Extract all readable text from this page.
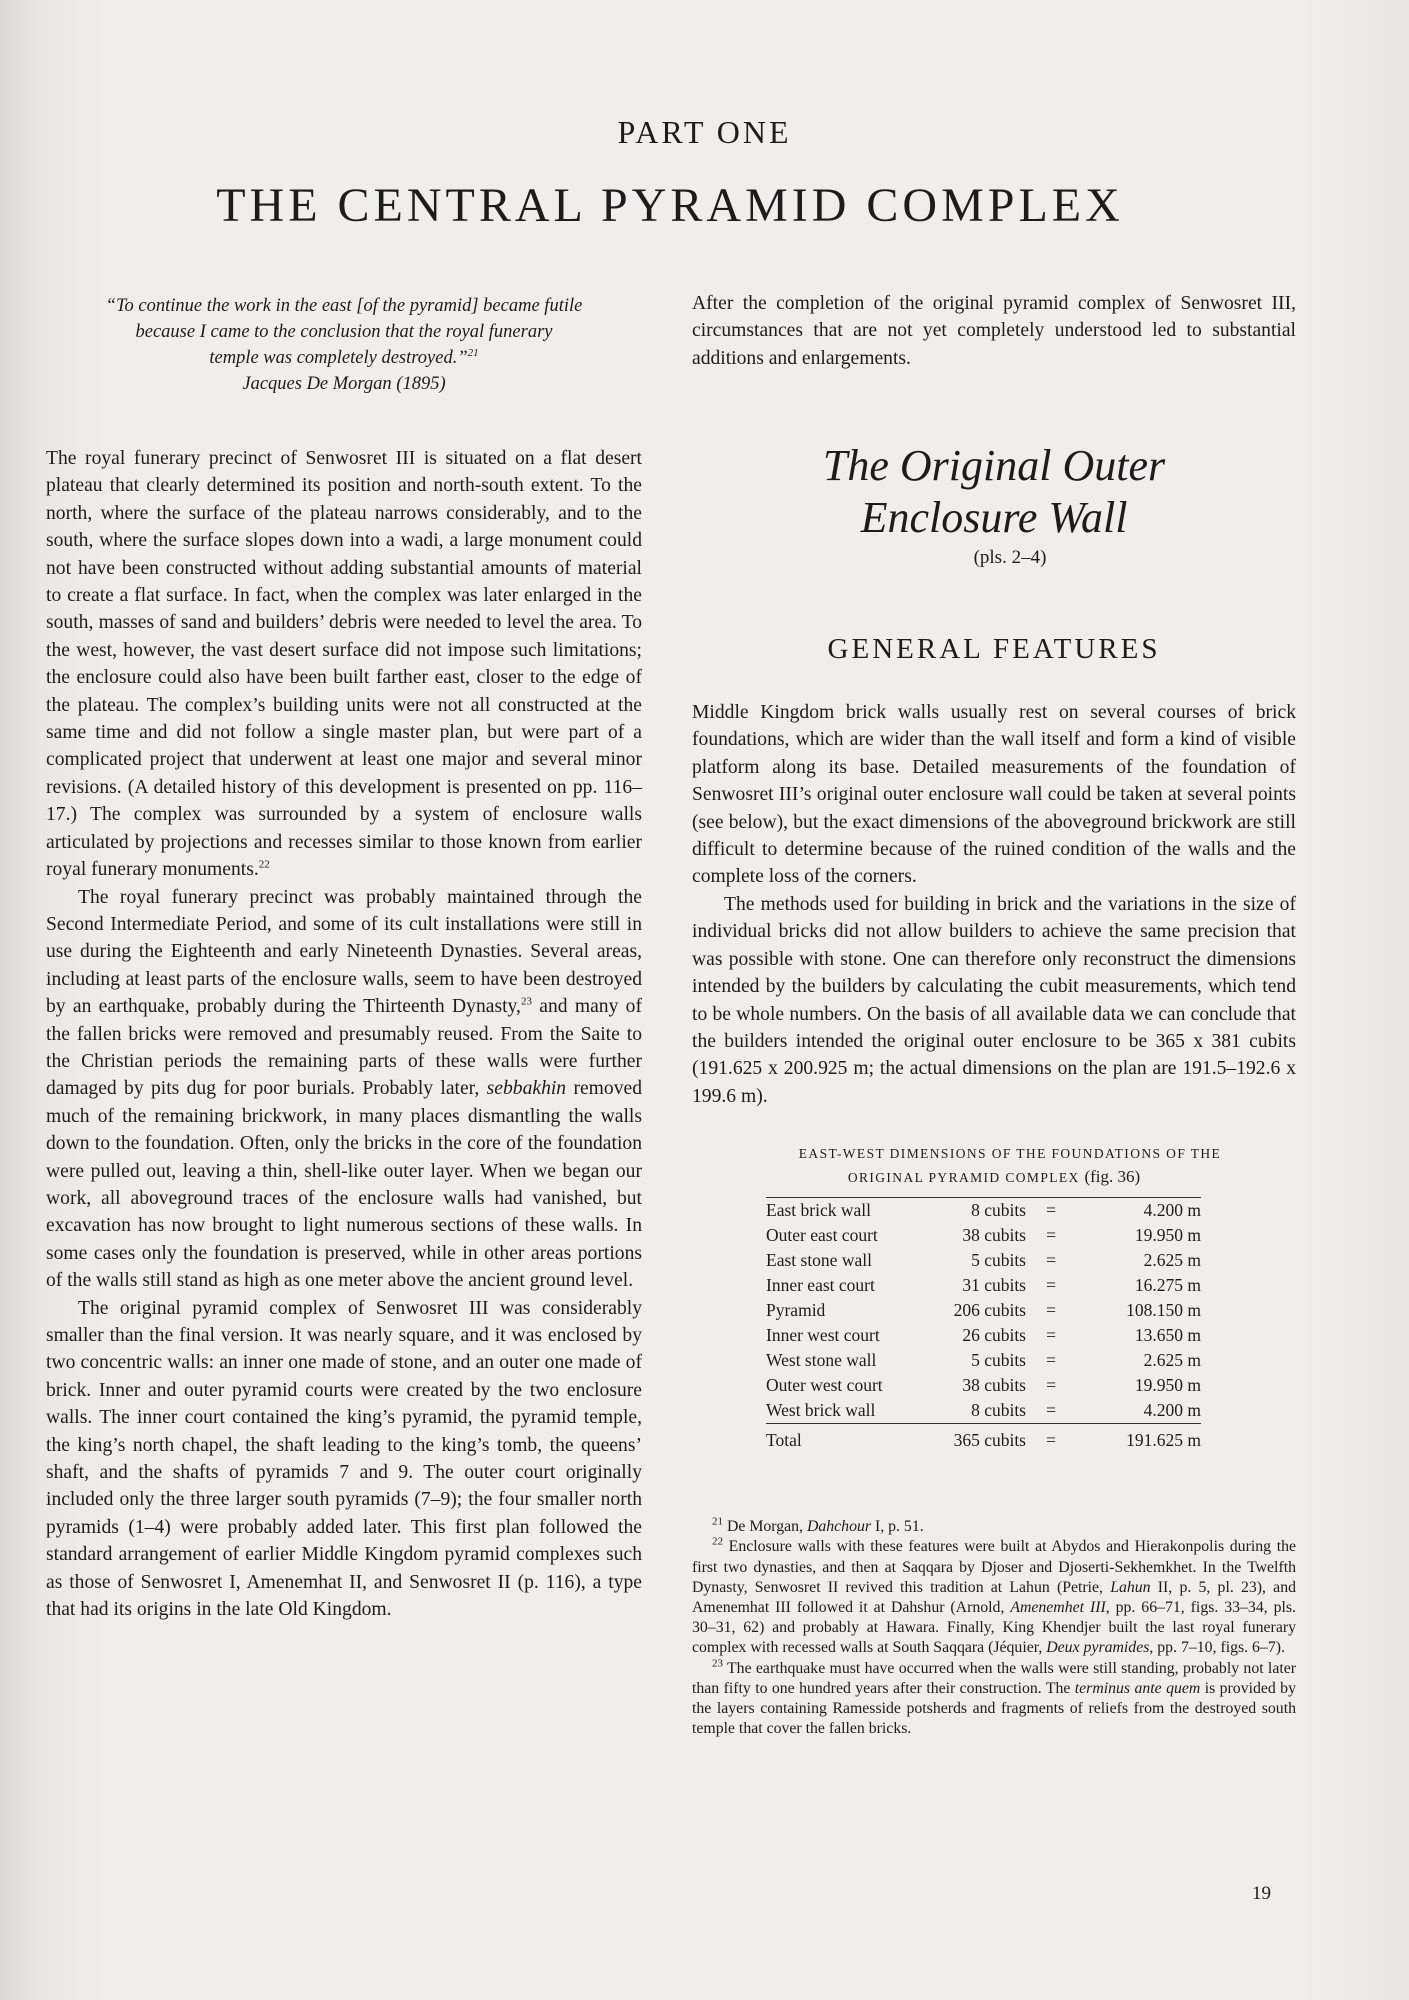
PART ONE
THE CENTRAL PYRAMID COMPLEX
“To continue the work in the east [of the pyramid] became futile
because I came to the conclusion that the royal funerary
temple was completely destroyed.”$^{21}$
Jacques De Morgan (1895)

The royal funerary precinct of Senwosret III is situated on a flat desert plateau that clearly determined its position and north-south extent. To the north, where the surface of the plateau narrows considerably, and to the south, where the surface slopes down into a wadi, a large monument could not have been constructed without adding substantial amounts of material to create a flat surface. In fact, when the complex was later enlarged in the south, masses of sand and builders’ debris were needed to level the area. To the west, however, the vast desert surface did not impose such limitations; the enclosure could also have been built farther east, closer to the edge of the plateau. The complex’s building units were not all constructed at the same time and did not follow a single master plan, but were part of a complicated project that underwent at least one major and several minor revisions. (A detailed history of this development is presented on pp. 116–17.) The complex was surrounded by a system of enclosure walls articulated by projections and recesses similar to those known from earlier royal funerary monuments.$^{22}$

The royal funerary precinct was probably maintained through the Second Intermediate Period, and some of its cult installations were still in use during the Eighteenth and early Nineteenth Dynasties. Several areas, including at least parts of the enclosure walls, seem to have been destroyed by an earthquake, probably during the Thirteenth Dynasty,$^{23}$ and many of the fallen bricks were removed and presumably reused. From the Saite to the Christian periods the remaining parts of these walls were further damaged by pits dug for poor burials. Probably later, sebbakhin removed much of the remaining brickwork, in many places dismantling the walls down to the foundation. Often, only the bricks in the core of the foundation were pulled out, leaving a thin, shell-like outer layer. When we began our work, all aboveground traces of the enclosure walls had vanished, but excavation has now brought to light numerous sections of these walls. In some cases only the foundation is preserved, while in other areas portions of the walls still stand as high as one meter above the ancient ground level.

The original pyramid complex of Senwosret III was considerably smaller than the final version. It was nearly square, and it was enclosed by two concentric walls: an inner one made of stone, and an outer one made of brick. Inner and outer pyramid courts were created by the two enclosure walls. The inner court contained the king’s pyramid, the pyramid temple, the king’s north chapel, the shaft leading to the king’s tomb, the queens’ shaft, and the shafts of pyramids 7 and 9. The outer court originally included only the three larger south pyramids (7–9); the four smaller north pyramids (1–4) were probably added later. This first plan followed the standard arrangement of earlier Middle Kingdom pyramid complexes such as those of Senwosret I, Amenemhat II, and Senwosret II (p. 116), a type that had its origins in the late Old Kingdom.

After the completion of the original pyramid complex of Senwosret III, circumstances that are not yet completely understood led to substantial additions and enlargements.

The Original Outer
Enclosure Wall

(pls. 2–4)

GENERAL FEATURES

Middle Kingdom brick walls usually rest on several courses of brick foundations, which are wider than the wall itself and form a kind of visible platform along its base. Detailed measurements of the foundation of Senwosret III’s original outer enclosure wall could be taken at several points (see below), but the exact dimensions of the aboveground brickwork are still difficult to determine because of the ruined condition of the walls and the complete loss of the corners.

The methods used for building in brick and the variations in the size of individual bricks did not allow builders to achieve the same precision that was possible with stone. One can therefore only reconstruct the dimensions intended by the builders by calculating the cubit measurements, which tend to be whole numbers. On the basis of all available data we can conclude that the builders intended the original outer enclosure to be 365 x 381 cubits (191.625 x 200.925 m; the actual dimensions on the plan are 191.5–192.6 x 199.6 m).

EAST-WEST DIMENSIONS OF THE FOUNDATIONS OF THE
ORIGINAL PYRAMID COMPLEX (fig. 36)

East brick wall	8 cubits	=	4.200 m
Outer east court	38 cubits	=	19.950 m
East stone wall	5 cubits	=	2.625 m
Inner east court	31 cubits	=	16.275 m
Pyramid	206 cubits	=	108.150 m
Inner west court	26 cubits	=	13.650 m
West stone wall	5 cubits	=	2.625 m
Outer west court	38 cubits	=	19.950 m
West brick wall	8 cubits	=	4.200 m
Total	365 cubits	=	191.625 m

$^{21}$ De Morgan, Dahchour I, p. 51.

$^{22}$ Enclosure walls with these features were built at Abydos and Hierakonpolis during the first two dynasties, and then at Saqqara by Djoser and Djoserti-Sekhemkhet. In the Twelfth Dynasty, Senwosret II revived this tradition at Lahun (Petrie, Lahun II, p. 5, pl. 23), and Amenemhat III followed it at Dahshur (Arnold, Amenemhet III, pp. 66–71, figs. 33–34, pls. 30–31, 62) and probably at Hawara. Finally, King Khendjer built the last royal funerary complex with recessed walls at South Saqqara (Jéquier, Deux pyramides, pp. 7–10, figs. 6–7).

$^{23}$ The earthquake must have occurred when the walls were still standing, probably not later than fifty to one hundred years after their construction. The terminus ante quem is provided by the layers containing Ramesside potsherds and fragments of reliefs from the destroyed south temple that cover the fallen bricks.

19
